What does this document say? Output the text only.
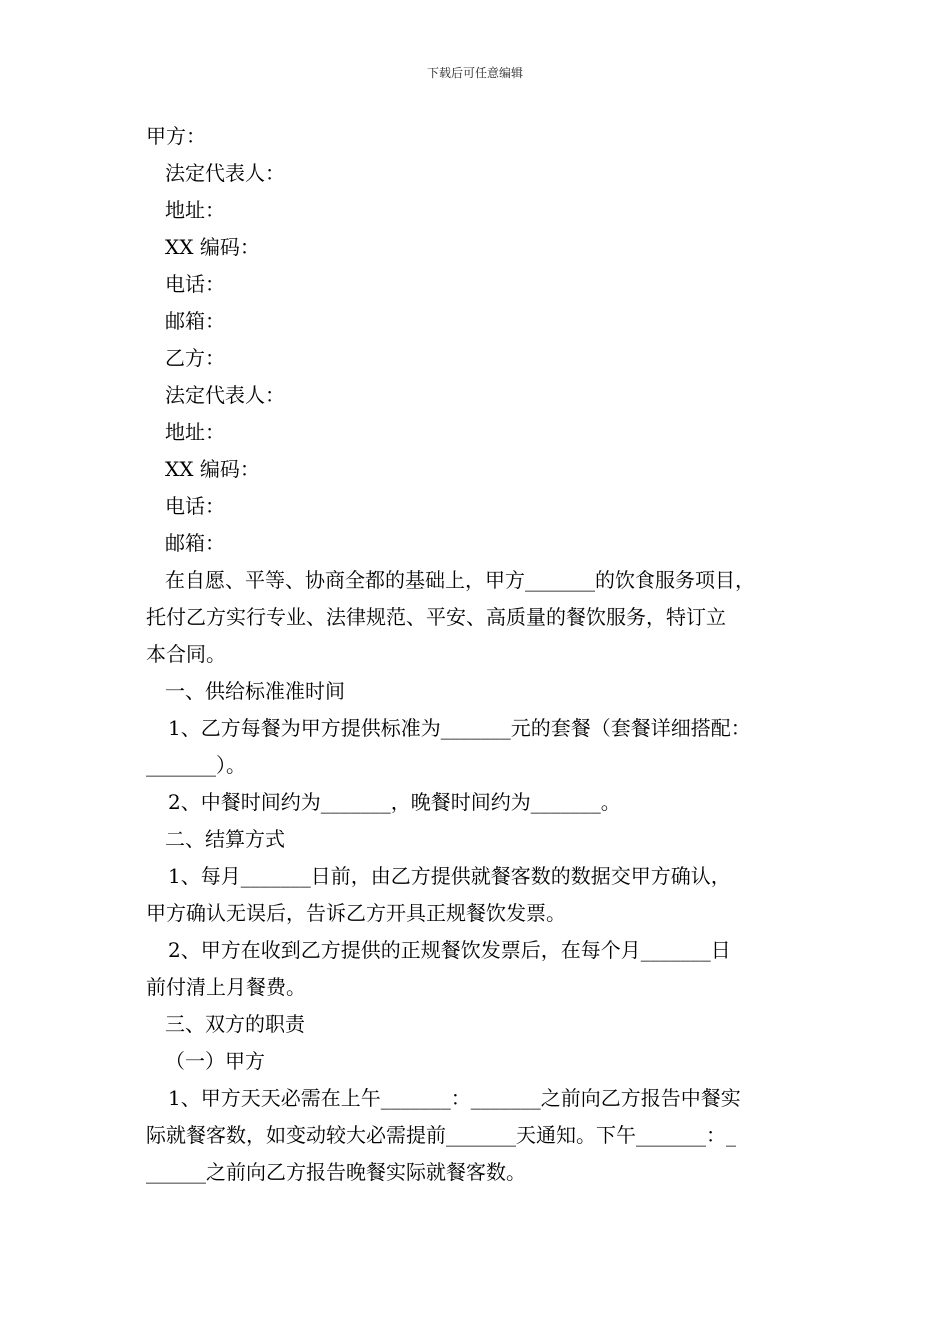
下载后可任意编辑
甲方：
法定代表人：
地址：
XX 编码：
电话：
邮箱：
乙方：
法定代表人：
地址：
XX 编码：
电话：
邮箱：
在自愿、平等、协商全都的基础上，甲方_______的饮食服务项目，
托付乙方实行专业、法律规范、平安、高质量的餐饮服务，特订立
本合同。
一、供给标准准时间
1、乙方每餐为甲方提供标准为_______元的套餐（套餐详细搭配：
_______）。
2、中餐时间约为_______，晚餐时间约为_______。
二、结算方式
1、每月_______日前，由乙方提供就餐客数的数据交甲方确认，
甲方确认无误后，告诉乙方开具正规餐饮发票。
2、甲方在收到乙方提供的正规餐饮发票后，在每个月_______日
前付清上月餐费。
三、双方的职责
（一）甲方
1、甲方天天必需在上午_______：_______之前向乙方报告中餐实
际就餐客数，如变动较大必需提前_______天通知。下午_______：_
______之前向乙方报告晚餐实际就餐客数。
